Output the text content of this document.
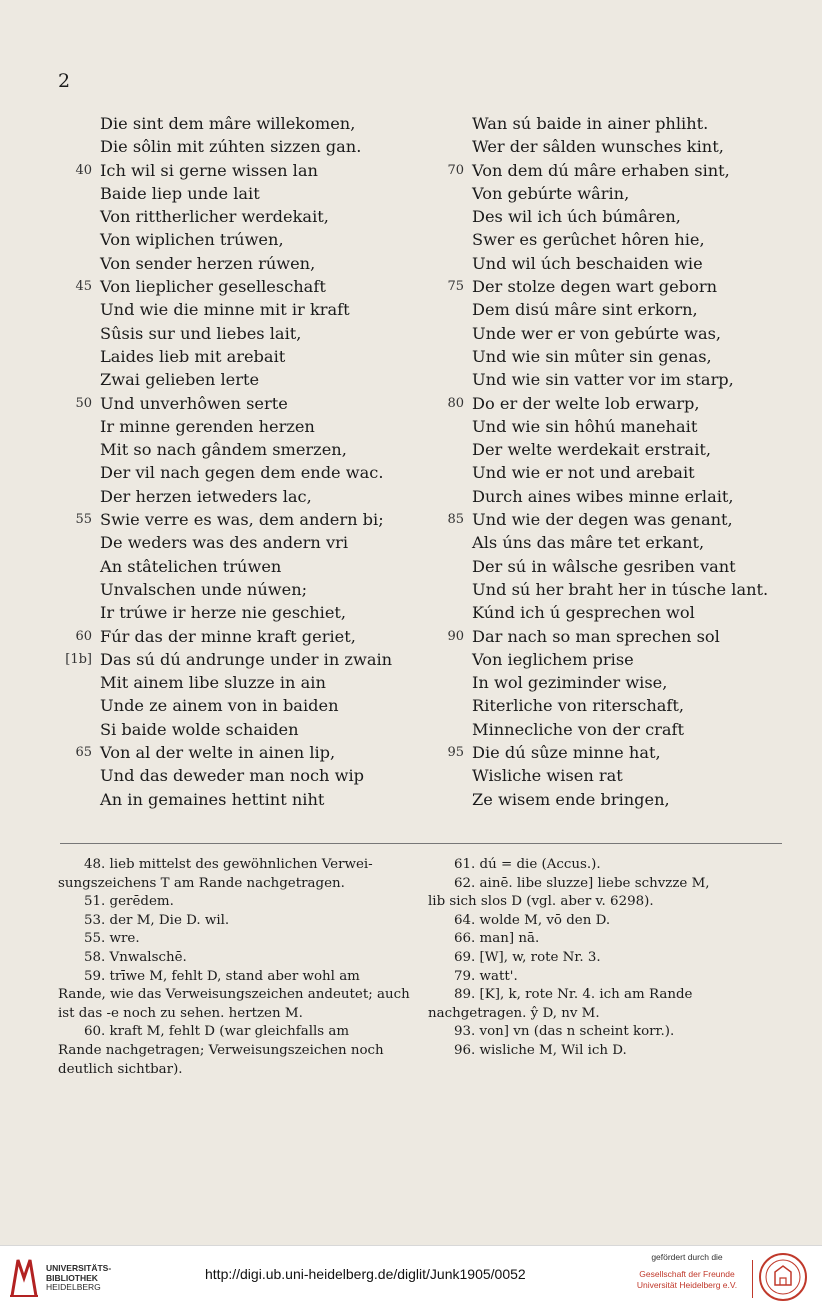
2
Die sint dem mâre willekomen,
Die sôlin mit zúhten sizzen gan.
40 Ich wil si gerne wissen lan
Baide liep unde lait
Von rittherlicher werdekait,
Von wiplichen trúwen,
Von sender herzen rúwen,
45 Von lieplicher geselleschaft
Und wie die minne mit ir kraft
Sûsis sur und liebes lait,
Laides lieb mit arebait
Zwai gelieben lerte
50 Und unverhôwen serte
Ir minne gerenden herzen
Mit so nach gândem smerzen,
Der vil nach gegen dem ende wac.
Der herzen ietweders lac,
55 Swie verre es was, dem andern bi;
De weders was des andern vri
An stâtelichen trúwen
Unvalschen unde núwen;
Ir trúwe ir herze nie geschiet,
60 Fúr das der minne kraft geriet,
[1b] Das sú dú andrunge under in zwain
Mit ainem libe sluzze in ain
Unde ze ainem von in baiden
Si baide wolde schaiden
65 Von al der welte in ainen lip,
Und das deweder man noch wip
An in gemaines hettint niht
Wan sú baide in ainer phliht.
Wer der sâlden wunsches kint,
70 Von dem dú mâre erhaben sint,
Von gebúrte wârin,
Des wil ich úch búmâren,
Swer es gerûchet hôren hie,
Und wil úch beschaiden wie
75 Der stolze degen wart geborn
Dem disú mâre sint erkorn,
Unde wer er von gebúrte was,
Und wie sin mûter sin genas,
Und wie sin vatter vor im starp,
80 Do er der welte lob erwarp,
Und wie sin hôhú manehait
Der welte werdekait erstrait,
Und wie er not und arebait
Durch aines wibes minne erlait,
85 Und wie der degen was genant,
Als úns das mâre tet erkant,
Der sú in wâlsche gesriben vant
Und sú her braht her in túsche lant.
Kúnd ich ú gesprechen wol
90 Dar nach so man sprechen sol
Von ieglichem prise
In wol geziminder wise,
Riterliche von riterschaft,
Minnecliche von der craft
95 Die dú sûze minne hat,
Wisliche wisen rat
Ze wisem ende bringen,
48. lieb mittelst des gewöhnlichen Verwei-
sungszeichens T am Rande nachgetragen.
51. gerēdem.
53. der M, Die D. wil.
55. wre.
58. Vnwalschē.
59. trīwe M, fehlt D, stand aber wohl am
Rande, wie das Verweisungszeichen andeutet; auch
ist das -e noch zu sehen. hertzen M.
60. kraft M, fehlt D (war gleichfalls am
Rande nachgetragen; Verweisungszeichen noch
deutlich sichtbar).
61. dú = die (Accus.).
62. ainē. libe sluzze] liebe schvzze M,
lib sich slos D (vgl. aber v. 6298).
64. wolde M, vō den D.
66. man] nā.
69. [W], w, rote Nr. 3.
79. watt'.
89. [K], k, rote Nr. 4. ich am Rande
nachgetragen. ŷ D, nv M.
93. von] vn (das n scheint korr.).
96. wisliche M, Wil ich D.
UNIVERSITÄTS-
BIBLIOTHEK
HEIDELBERG
http://digi.ub.uni-heidelberg.de/diglit/Junk1905/0052
gefördert durch die
Gesellschaft der Freunde
Universität Heidelberg e.V.
